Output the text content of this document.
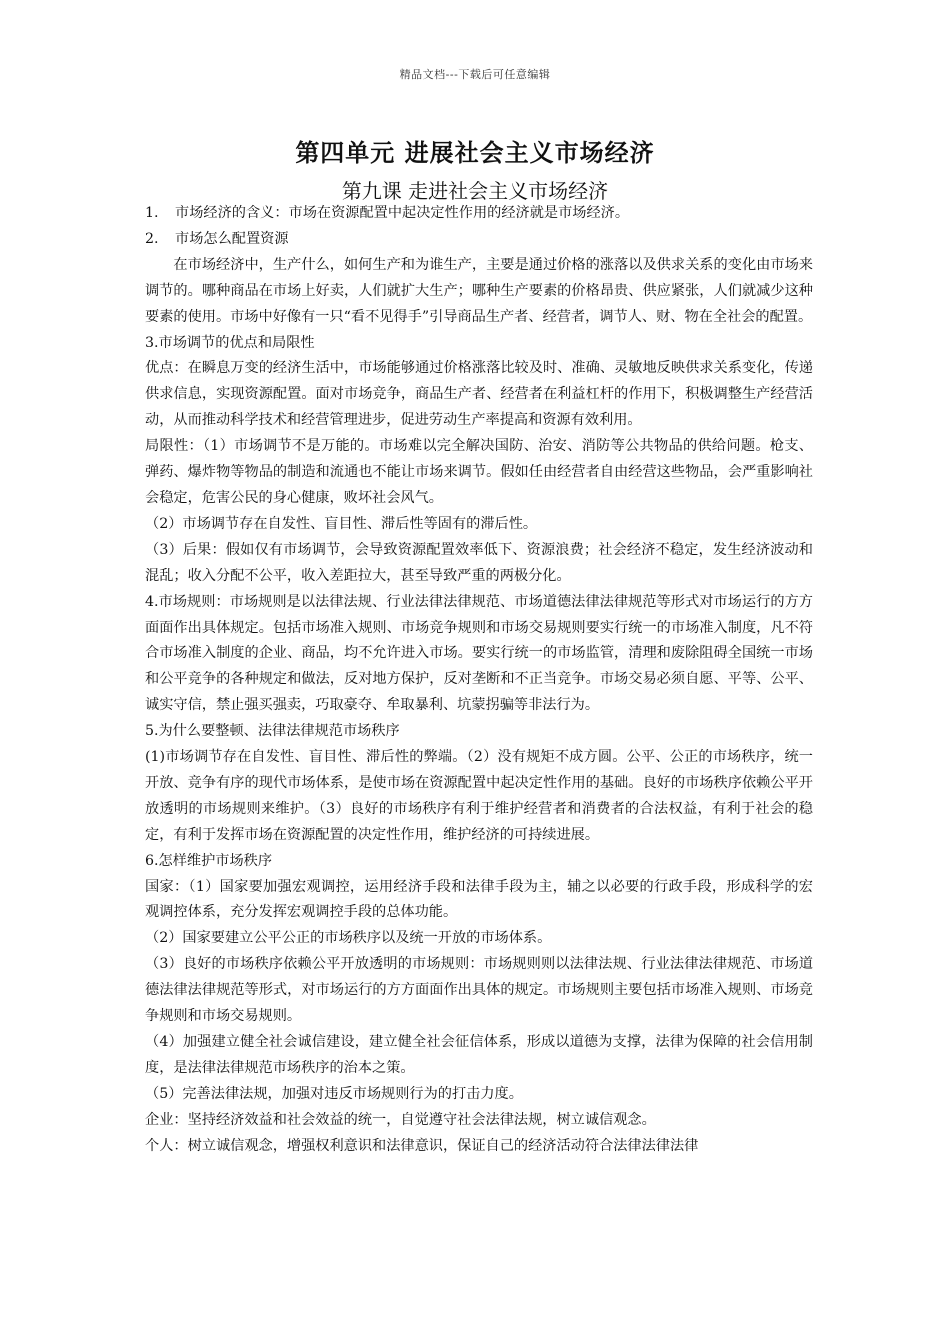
精品文档---下载后可任意编辑
第四单元 进展社会主义市场经济
第九课 走进社会主义市场经济

1. 市场经济的含义：市场在资源配置中起决定性作用的经济就是市场经济。

2. 市场怎么配置资源

在市场经济中，生产什么，如何生产和为谁生产，主要是通过价格的涨落以及供求关系的变化由市场来调节的。哪种商品在市场上好卖，人们就扩大生产；哪种生产要素的价格昂贵、供应紧张，人们就减少这种要素的使用。市场中好像有一只“看不见得手”引导商品生产者、经营者，调节人、财、物在全社会的配置。

3.市场调节的优点和局限性

优点：在瞬息万变的经济生活中，市场能够通过价格涨落比较及时、准确、灵敏地反映供求关系变化，传递供求信息，实现资源配置。面对市场竞争，商品生产者、经营者在利益杠杆的作用下，积极调整生产经营活动，从而推动科学技术和经营管理进步，促进劳动生产率提高和资源有效利用。

局限性：（1）市场调节不是万能的。市场难以完全解决国防、治安、消防等公共物品的供给问题。枪支、弹药、爆炸物等物品的制造和流通也不能让市场来调节。假如任由经营者自由经营这些物品，会严重影响社会稳定，危害公民的身心健康，败坏社会风气。

（2）市场调节存在自发性、盲目性、滞后性等固有的滞后性。

（3）后果：假如仅有市场调节，会导致资源配置效率低下、资源浪费；社会经济不稳定，发生经济波动和混乱；收入分配不公平，收入差距拉大，甚至导致严重的两极分化。

4.市场规则：市场规则是以法律法规、行业法律法律规范、市场道德法律法律规范等形式对市场运行的方方面面作出具体规定。包括市场准入规则、市场竞争规则和市场交易规则要实行统一的市场准入制度，凡不符合市场准入制度的企业、商品，均不允许进入市场。要实行统一的市场监管，清理和废除阻碍全国统一市场和公平竞争的各种规定和做法，反对地方保护，反对垄断和不正当竞争。市场交易必须自愿、平等、公平、诚实守信，禁止强买强卖，巧取豪夺、牟取暴利、坑蒙拐骗等非法行为。

5.为什么要整顿、法律法律规范市场秩序

(1)市场调节存在自发性、盲目性、滞后性的弊端。（2）没有规矩不成方圆。公平、公正的市场秩序，统一开放、竞争有序的现代市场体系，是使市场在资源配置中起决定性作用的基础。良好的市场秩序依赖公平开放透明的市场规则来维护。（3）良好的市场秩序有利于维护经营者和消费者的合法权益，有利于社会的稳定，有利于发挥市场在资源配置的决定性作用，维护经济的可持续进展。

6.怎样维护市场秩序

国家：（1）国家要加强宏观调控，运用经济手段和法律手段为主，辅之以必要的行政手段，形成科学的宏观调控体系，充分发挥宏观调控手段的总体功能。

（2）国家要建立公平公正的市场秩序以及统一开放的市场体系。

（3）良好的市场秩序依赖公平开放透明的市场规则：市场规则则以法律法规、行业法律法律规范、市场道德法律法律规范等形式，对市场运行的方方面面作出具体的规定。市场规则主要包括市场准入规则、市场竞争规则和市场交易规则。

（4）加强建立健全社会诚信建设，建立健全社会征信体系，形成以道德为支撑，法律为保障的社会信用制度，是法律法律规范市场秩序的治本之策。

（5）完善法律法规，加强对违反市场规则行为的打击力度。

企业：坚持经济效益和社会效益的统一，自觉遵守社会法律法规，树立诚信观念。

个人：树立诚信观念，增强权利意识和法律意识，保证自己的经济活动符合法律法律法律
